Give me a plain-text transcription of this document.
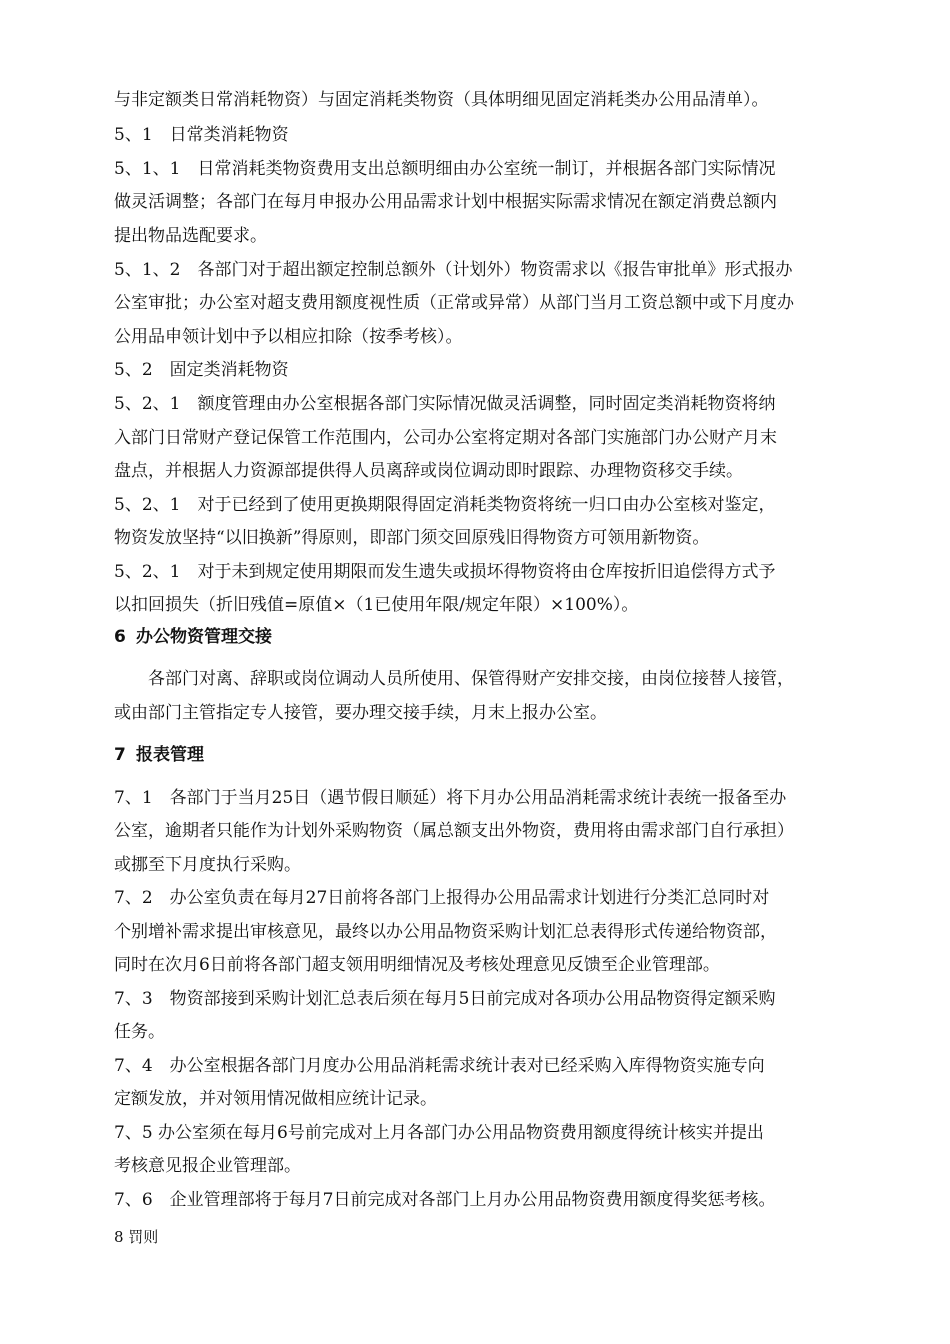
与非定额类日常消耗物资）与固定消耗类物资（具体明细见固定消耗类办公用品清单）。
5、1　日常类消耗物资
5、1、1　日常消耗类物资费用支出总额明细由办公室统一制订，并根据各部门实际情况
做灵活调整；各部门在每月申报办公用品需求计划中根据实际需求情况在额定消费总额内
提出物品选配要求。
5、1、2　各部门对于超出额定控制总额外（计划外）物资需求以《报告审批单》形式报办
公室审批；办公室对超支费用额度视性质（正常或异常）从部门当月工资总额中或下月度办
公用品申领计划中予以相应扣除（按季考核）。
5、2　固定类消耗物资
5、2、1　额度管理由办公室根据各部门实际情况做灵活调整，同时固定类消耗物资将纳
入部门日常财产登记保管工作范围内，公司办公室将定期对各部门实施部门办公财产月末
盘点，并根据人力资源部提供得人员离辞或岗位调动即时跟踪、办理物资移交手续。
5、2、1　对于已经到了使用更换期限得固定消耗类物资将统一归口由办公室核对鉴定，
物资发放坚持“以旧换新”得原则，即部门须交回原残旧得物资方可领用新物资。
5、2、1　对于未到规定使用期限而发生遗失或损坏得物资将由仓库按折旧追偿得方式予
以扣回损失（折旧残值=原值×（1已使用年限/规定年限）×100%）。
6 办公物资管理交接
　　各部门对离、辞职或岗位调动人员所使用、保管得财产安排交接，由岗位接替人接管，
或由部门主管指定专人接管，要办理交接手续，月末上报办公室。
7 报表管理
7、1　各部门于当月25日（遇节假日顺延）将下月办公用品消耗需求统计表统一报备至办
公室，逾期者只能作为计划外采购物资（属总额支出外物资，费用将由需求部门自行承担）
或挪至下月度执行采购。
7、2　办公室负责在每月27日前将各部门上报得办公用品需求计划进行分类汇总同时对
个别增补需求提出审核意见，最终以办公用品物资采购计划汇总表得形式传递给物资部，
同时在次月6日前将各部门超支领用明细情况及考核处理意见反馈至企业管理部。
7、3　物资部接到采购计划汇总表后须在每月5日前完成对各项办公用品物资得定额采购
任务。
7、4　办公室根据各部门月度办公用品消耗需求统计表对已经采购入库得物资实施专向
定额发放，并对领用情况做相应统计记录。
7、5 办公室须在每月6号前完成对上月各部门办公用品物资费用额度得统计核实并提出
考核意见报企业管理部。
7、6　企业管理部将于每月7日前完成对各部门上月办公用品物资费用额度得奖惩考核。
8 罚则
